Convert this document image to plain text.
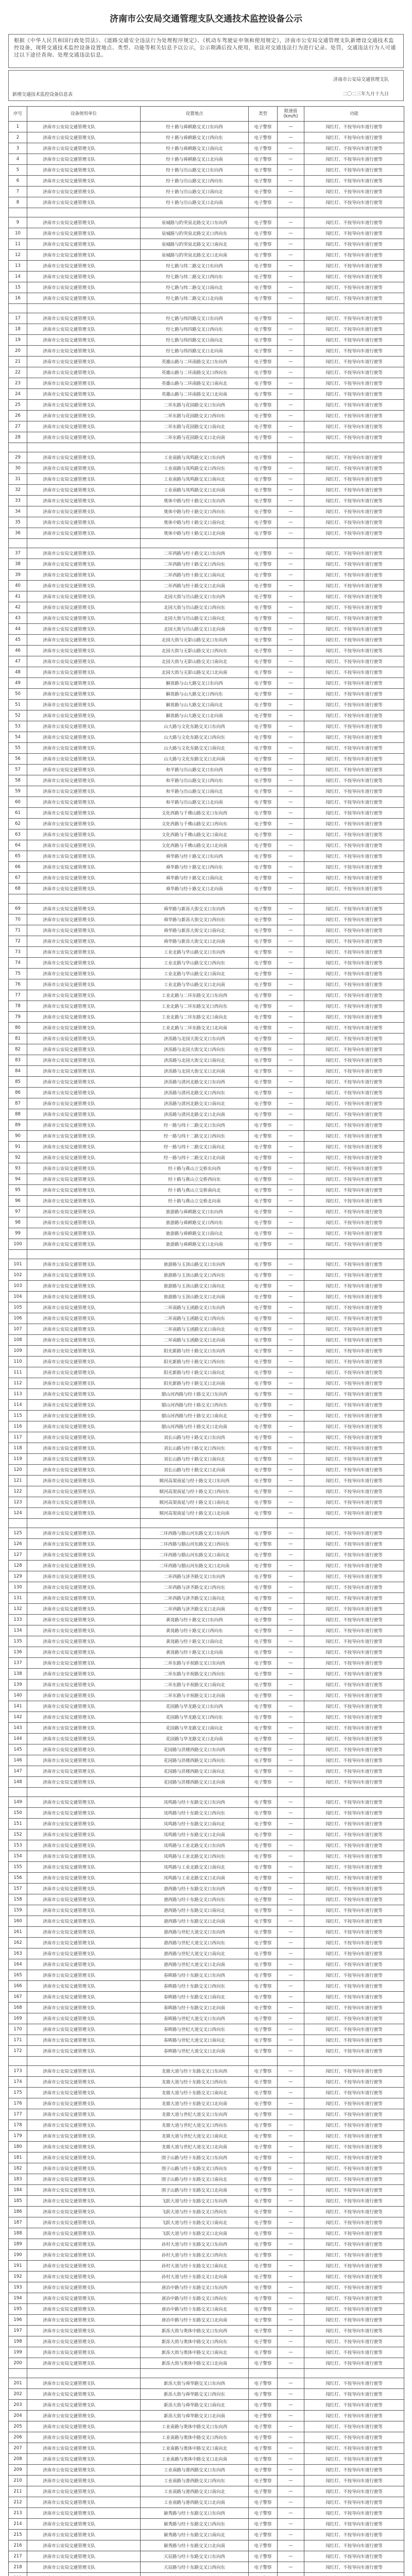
济南市公安局交通管理支队交通技术监控设备公示
根据《中华人民共和国行政处罚法》、《道路交通安全违法行为处理程序规定》、《机动车驾驶证申领和使用规定》，济南市公安局交通管理支队新增设交通技术监控设备，现将交通技术监控设备设置地点、类型、功能等相关信息予以公示，公示期满后投入使用，依法对交通违法行为进行记录、处罚，交通违法行为人可通过以下途径查询、处理交通违法信息。
济南市公安局交通管理支队
二〇二三年九月十九日
新增交通技术监控设备信息表
序号	设备使用单位	设置地点	类型	限速值(km/h)	功能
1	济南市公安局交通管理支队	经十路与舜耕路交叉口东向西	电子警察	—	闯红灯、不按导向车道行驶等
2	济南市公安局交通管理支队	经十路与舜耕路交叉口西向东	电子警察	—	闯红灯、不按导向车道行驶等
3	济南市公安局交通管理支队	经十路与舜耕路交叉口南向北	电子警察	—	闯红灯、不按导向车道行驶等
4	济南市公安局交通管理支队	经十路与舜耕路交叉口北向南	电子警察	—	闯红灯、不按导向车道行驶等
5	济南市公安局交通管理支队	经十路与历山路交叉口东向西	电子警察	—	闯红灯、不按导向车道行驶等
6	济南市公安局交通管理支队	经十路与历山路交叉口西向东	电子警察	—	闯红灯、不按导向车道行驶等
7	济南市公安局交通管理支队	经十路与历山路交叉口南向北	电子警察	—	闯红灯、不按导向车道行驶等
8	济南市公安局交通管理支队	经十路与历山路交叉口北向南	电子警察	—	闯红灯、不按导向车道行驶等

9	济南市公安局交通管理支队	泉城路与趵突泉北路交叉口东向西	电子警察	—	闯红灯、不按导向车道行驶等
10	济南市公安局交通管理支队	泉城路与趵突泉北路交叉口西向东	电子警察	—	闯红灯、不按导向车道行驶等
11	济南市公安局交通管理支队	泉城路与趵突泉北路交叉口南向北	电子警察	—	闯红灯、不按导向车道行驶等
12	济南市公安局交通管理支队	泉城路与趵突泉北路交叉口北向南	电子警察	—	闯红灯、不按导向车道行驶等
13	济南市公安局交通管理支队	经七路与纬二路交叉口东向西	电子警察	—	闯红灯、不按导向车道行驶等
14	济南市公安局交通管理支队	经七路与纬二路交叉口西向东	电子警察	—	闯红灯、不按导向车道行驶等
15	济南市公安局交通管理支队	经七路与纬二路交叉口南向北	电子警察	—	闯红灯、不按导向车道行驶等
16	济南市公安局交通管理支队	经七路与纬二路交叉口北向南	电子警察	—	闯红灯、不按导向车道行驶等

17	济南市公安局交通管理支队	经七路与纬四路交叉口东向西	电子警察	—	闯红灯、不按导向车道行驶等
18	济南市公安局交通管理支队	经七路与纬四路交叉口西向东	电子警察	—	闯红灯、不按导向车道行驶等
19	济南市公安局交通管理支队	经七路与纬四路交叉口南向北	电子警察	—	闯红灯、不按导向车道行驶等
20	济南市公安局交通管理支队	经七路与纬四路交叉口北向南	电子警察	—	闯红灯、不按导向车道行驶等
21	济南市公安局交通管理支队	英雄山路与二环南路交叉口东向西	电子警察	—	闯红灯、不按导向车道行驶等
22	济南市公安局交通管理支队	英雄山路与二环南路交叉口西向东	电子警察	—	闯红灯、不按导向车道行驶等
23	济南市公安局交通管理支队	英雄山路与二环南路交叉口南向北	电子警察	—	闯红灯、不按导向车道行驶等
24	济南市公安局交通管理支队	英雄山路与二环南路交叉口北向南	电子警察	—	闯红灯、不按导向车道行驶等
25	济南市公安局交通管理支队	二环东路与花园路交叉口东向西	电子警察	—	闯红灯、不按导向车道行驶等
26	济南市公安局交通管理支队	二环东路与花园路交叉口西向东	电子警察	—	闯红灯、不按导向车道行驶等
27	济南市公安局交通管理支队	二环东路与花园路交叉口南向北	电子警察	—	闯红灯、不按导向车道行驶等
28	济南市公安局交通管理支队	二环东路与花园路交叉口北向南	电子警察	—	闯红灯、不按导向车道行驶等

29	济南市公安局交通管理支队	工业南路与凤鸣路交叉口东向西	电子警察	—	闯红灯、不按导向车道行驶等
30	济南市公安局交通管理支队	工业南路与凤鸣路交叉口西向东	电子警察	—	闯红灯、不按导向车道行驶等
31	济南市公安局交通管理支队	工业南路与凤鸣路交叉口南向北	电子警察	—	闯红灯、不按导向车道行驶等
32	济南市公安局交通管理支队	工业南路与凤鸣路交叉口北向南	电子警察	—	闯红灯、不按导向车道行驶等
33	济南市公安局交通管理支队	奥体中路与经十路交叉口东向西	电子警察	—	闯红灯、不按导向车道行驶等
34	济南市公安局交通管理支队	奥体中路与经十路交叉口西向东	电子警察	—	闯红灯、不按导向车道行驶等
35	济南市公安局交通管理支队	奥体中路与经十路交叉口南向北	电子警察	—	闯红灯、不按导向车道行驶等
36	济南市公安局交通管理支队	奥体中路与经十路交叉口北向南	电子警察	—	闯红灯、不按导向车道行驶等

37	济南市公安局交通管理支队	二环西路与经十路交叉口东向西	电子警察	—	闯红灯、不按导向车道行驶等
38	济南市公安局交通管理支队	二环西路与经十路交叉口西向东	电子警察	—	闯红灯、不按导向车道行驶等
39	济南市公安局交通管理支队	二环西路与经十路交叉口南向北	电子警察	—	闯红灯、不按导向车道行驶等
40	济南市公安局交通管理支队	二环西路与经十路交叉口北向南	电子警察	—	闯红灯、不按导向车道行驶等
41	济南市公安局交通管理支队	北园大街与历山路交叉口东向西	电子警察	—	闯红灯、不按导向车道行驶等
42	济南市公安局交通管理支队	北园大街与历山路交叉口西向东	电子警察	—	闯红灯、不按导向车道行驶等
43	济南市公安局交通管理支队	北园大街与历山路交叉口南向北	电子警察	—	闯红灯、不按导向车道行驶等
44	济南市公安局交通管理支队	北园大街与历山路交叉口北向南	电子警察	—	闯红灯、不按导向车道行驶等
45	济南市公安局交通管理支队	北园大街与无影山路交叉口东向西	电子警察	—	闯红灯、不按导向车道行驶等
46	济南市公安局交通管理支队	北园大街与无影山路交叉口西向东	电子警察	—	闯红灯、不按导向车道行驶等
47	济南市公安局交通管理支队	北园大街与无影山路交叉口南向北	电子警察	—	闯红灯、不按导向车道行驶等
48	济南市公安局交通管理支队	北园大街与无影山路交叉口北向南	电子警察	—	闯红灯、不按导向车道行驶等
49	济南市公安局交通管理支队	解放路与山大路交叉口东向西	电子警察	—	闯红灯、不按导向车道行驶等
50	济南市公安局交通管理支队	解放路与山大路交叉口西向东	电子警察	—	闯红灯、不按导向车道行驶等
51	济南市公安局交通管理支队	解放路与山大路交叉口南向北	电子警察	—	闯红灯、不按导向车道行驶等
52	济南市公安局交通管理支队	解放路与山大路交叉口北向南	电子警察	—	闯红灯、不按导向车道行驶等
53	济南市公安局交通管理支队	山大路与文化东路交叉口东向西	电子警察	—	闯红灯、不按导向车道行驶等
54	济南市公安局交通管理支队	山大路与文化东路交叉口西向东	电子警察	—	闯红灯、不按导向车道行驶等
55	济南市公安局交通管理支队	山大路与文化东路交叉口南向北	电子警察	—	闯红灯、不按导向车道行驶等
56	济南市公安局交通管理支队	山大路与文化东路交叉口北向南	电子警察	—	闯红灯、不按导向车道行驶等
57	济南市公安局交通管理支队	和平路与历山路交叉口东向西	电子警察	—	闯红灯、不按导向车道行驶等
58	济南市公安局交通管理支队	和平路与历山路交叉口西向东	电子警察	—	闯红灯、不按导向车道行驶等
59	济南市公安局交通管理支队	和平路与历山路交叉口南向北	电子警察	—	闯红灯、不按导向车道行驶等
60	济南市公安局交通管理支队	和平路与历山路交叉口北向南	电子警察	—	闯红灯、不按导向车道行驶等
61	济南市公安局交通管理支队	文化西路与千佛山路交叉口东向西	电子警察	—	闯红灯、不按导向车道行驶等
62	济南市公安局交通管理支队	文化西路与千佛山路交叉口西向东	电子警察	—	闯红灯、不按导向车道行驶等
63	济南市公安局交通管理支队	文化西路与千佛山路交叉口南向北	电子警察	—	闯红灯、不按导向车道行驶等
64	济南市公安局交通管理支队	文化西路与千佛山路交叉口北向南	电子警察	—	闯红灯、不按导向车道行驶等
65	济南市公安局交通管理支队	舜华路与经十路交叉口东向西	电子警察	—	闯红灯、不按导向车道行驶等
66	济南市公安局交通管理支队	舜华路与经十路交叉口西向东	电子警察	—	闯红灯、不按导向车道行驶等
67	济南市公安局交通管理支队	舜华路与经十路交叉口南向北	电子警察	—	闯红灯、不按导向车道行驶等
68	济南市公安局交通管理支队	舜华路与经十路交叉口北向南	电子警察	—	闯红灯、不按导向车道行驶等

69	济南市公安局交通管理支队	舜华路与新泺大街交叉口东向西	电子警察	—	闯红灯、不按导向车道行驶等
70	济南市公安局交通管理支队	舜华路与新泺大街交叉口西向东	电子警察	—	闯红灯、不按导向车道行驶等
71	济南市公安局交通管理支队	舜华路与新泺大街交叉口南向北	电子警察	—	闯红灯、不按导向车道行驶等
72	济南市公安局交通管理支队	舜华路与新泺大街交叉口北向南	电子警察	—	闯红灯、不按导向车道行驶等
73	济南市公安局交通管理支队	工业北路与华山路交叉口东向西	电子警察	—	闯红灯、不按导向车道行驶等
74	济南市公安局交通管理支队	工业北路与华山路交叉口西向东	电子警察	—	闯红灯、不按导向车道行驶等
75	济南市公安局交通管理支队	工业北路与华山路交叉口南向北	电子警察	—	闯红灯、不按导向车道行驶等
76	济南市公安局交通管理支队	工业北路与华山路交叉口北向南	电子警察	—	闯红灯、不按导向车道行驶等
77	济南市公安局交通管理支队	工业北路与二环东路交叉口东向西	电子警察	—	闯红灯、不按导向车道行驶等
78	济南市公安局交通管理支队	工业北路与二环东路交叉口西向东	电子警察	—	闯红灯、不按导向车道行驶等
79	济南市公安局交通管理支队	工业北路与二环东路交叉口南向北	电子警察	—	闯红灯、不按导向车道行驶等
80	济南市公安局交通管理支队	工业北路与二环东路交叉口北向南	电子警察	—	闯红灯、不按导向车道行驶等
81	济南市公安局交通管理支队	济泺路与北园大街交叉口东向西	电子警察	—	闯红灯、不按导向车道行驶等
82	济南市公安局交通管理支队	济泺路与北园大街交叉口西向东	电子警察	—	闯红灯、不按导向车道行驶等
83	济南市公安局交通管理支队	济泺路与北园大街交叉口南向北	电子警察	—	闯红灯、不按导向车道行驶等
84	济南市公安局交通管理支队	济泺路与北园大街交叉口北向南	电子警察	—	闯红灯、不按导向车道行驶等
85	济南市公安局交通管理支队	济泺路与清河北路交叉口东向西	电子警察	—	闯红灯、不按导向车道行驶等
86	济南市公安局交通管理支队	济泺路与清河北路交叉口西向东	电子警察	—	闯红灯、不按导向车道行驶等
87	济南市公安局交通管理支队	济泺路与清河北路交叉口南向北	电子警察	—	闯红灯、不按导向车道行驶等
88	济南市公安局交通管理支队	济泺路与清河北路交叉口北向南	电子警察	—	闯红灯、不按导向车道行驶等
89	济南市公安局交通管理支队	经一路与纬十二路交叉口东向西	电子警察	—	闯红灯、不按导向车道行驶等
90	济南市公安局交通管理支队	经一路与纬十二路交叉口西向东	电子警察	—	闯红灯、不按导向车道行驶等
91	济南市公安局交通管理支队	经一路与纬十二路交叉口南向北	电子警察	—	闯红灯、不按导向车道行驶等
92	济南市公安局交通管理支队	经一路与纬十二路交叉口北向南	电子警察	—	闯红灯、不按导向车道行驶等
93	济南市公安局交通管理支队	经十路与燕山立交桥东向西	电子警察	—	闯红灯、不按导向车道行驶等
94	济南市公安局交通管理支队	经十路与燕山立交桥西向东	电子警察	—	闯红灯、不按导向车道行驶等
95	济南市公安局交通管理支队	经十路与燕山立交桥南向北	电子警察	—	闯红灯、不按导向车道行驶等
96	济南市公安局交通管理支队	经十路与燕山立交桥北向南	电子警察	—	闯红灯、不按导向车道行驶等
97	济南市公安局交通管理支队	旅游路与舜耕路交叉口东向西	电子警察	—	闯红灯、不按导向车道行驶等
98	济南市公安局交通管理支队	旅游路与舜耕路交叉口西向东	电子警察	—	闯红灯、不按导向车道行驶等
99	济南市公安局交通管理支队	旅游路与舜耕路交叉口南向北	电子警察	—	闯红灯、不按导向车道行驶等
100	济南市公安局交通管理支队	旅游路与舜耕路交叉口北向南	电子警察	—	闯红灯、不按导向车道行驶等

101	济南市公安局交通管理支队	旅游路与玉顶山路交叉口东向西	电子警察	—	闯红灯、不按导向车道行驶等
102	济南市公安局交通管理支队	旅游路与玉顶山路交叉口西向东	电子警察	—	闯红灯、不按导向车道行驶等
103	济南市公安局交通管理支队	旅游路与玉顶山路交叉口南向北	电子警察	—	闯红灯、不按导向车道行驶等
104	济南市公安局交通管理支队	旅游路与玉顶山路交叉口北向南	电子警察	—	闯红灯、不按导向车道行驶等
105	济南市公安局交通管理支队	二环南路与玉函路交叉口东向西	电子警察	—	闯红灯、不按导向车道行驶等
106	济南市公安局交通管理支队	二环南路与玉函路交叉口西向东	电子警察	—	闯红灯、不按导向车道行驶等
107	济南市公安局交通管理支队	二环南路与玉函路交叉口南向北	电子警察	—	闯红灯、不按导向车道行驶等
108	济南市公安局交通管理支队	二环南路与玉函路交叉口北向南	电子警察	—	闯红灯、不按导向车道行驶等
109	济南市公安局交通管理支队	阳光新路与经十路交叉口东向西	电子警察	—	闯红灯、不按导向车道行驶等
110	济南市公安局交通管理支队	阳光新路与经十路交叉口西向东	电子警察	—	闯红灯、不按导向车道行驶等
111	济南市公安局交通管理支队	阳光新路与经十路交叉口南向北	电子警察	—	闯红灯、不按导向车道行驶等
112	济南市公安局交通管理支队	阳光新路与经十路交叉口北向南	电子警察	—	闯红灯、不按导向车道行驶等
113	济南市公安局交通管理支队	腊山河西路与经十路交叉口东向西	电子警察	—	闯红灯、不按导向车道行驶等
114	济南市公安局交通管理支队	腊山河西路与经十路交叉口西向东	电子警察	—	闯红灯、不按导向车道行驶等
115	济南市公安局交通管理支队	腊山河西路与经十路交叉口南向北	电子警察	—	闯红灯、不按导向车道行驶等
116	济南市公安局交通管理支队	腊山河西路与经十路交叉口北向南	电子警察	—	闯红灯、不按导向车道行驶等
117	济南市公安局交通管理支队	刘长山路与经十路交叉口东向西	电子警察	—	闯红灯、不按导向车道行驶等
118	济南市公安局交通管理支队	刘长山路与经十路交叉口西向东	电子警察	—	闯红灯、不按导向车道行驶等
119	济南市公安局交通管理支队	刘长山路与经十路交叉口南向北	电子警察	—	闯红灯、不按导向车道行驶等
120	济南市公安局交通管理支队	刘长山路与经十路交叉口北向南	电子警察	—	闯红灯、不按导向车道行驶等
121	济南市公安局交通管理支队	顺河高架南延与经十路交叉口东向西	电子警察	—	闯红灯、不按导向车道行驶等
122	济南市公安局交通管理支队	顺河高架南延与经十路交叉口西向东	电子警察	—	闯红灯、不按导向车道行驶等
123	济南市公安局交通管理支队	顺河高架南延与经十路交叉口南向北	电子警察	—	闯红灯、不按导向车道行驶等
124	济南市公安局交通管理支队	顺河高架南延与经十路交叉口北向南	电子警察	—	闯红灯、不按导向车道行驶等

125	济南市公安局交通管理支队	二环西路与腊山河东路交叉口东向西	电子警察	—	闯红灯、不按导向车道行驶等
126	济南市公安局交通管理支队	二环西路与腊山河东路交叉口西向东	电子警察	—	闯红灯、不按导向车道行驶等
127	济南市公安局交通管理支队	二环西路与腊山河东路交叉口南向北	电子警察	—	闯红灯、不按导向车道行驶等
128	济南市公安局交通管理支队	二环西路与腊山河东路交叉口北向南	电子警察	—	闯红灯、不按导向车道行驶等
129	济南市公安局交通管理支队	二环西路与济齐路交叉口东向西	电子警察	—	闯红灯、不按导向车道行驶等
130	济南市公安局交通管理支队	二环西路与济齐路交叉口西向东	电子警察	—	闯红灯、不按导向车道行驶等
131	济南市公安局交通管理支队	二环西路与济齐路交叉口南向北	电子警察	—	闯红灯、不按导向车道行驶等
132	济南市公安局交通管理支队	二环西路与济齐路交叉口北向南	电子警察	—	闯红灯、不按导向车道行驶等
133	济南市公安局交通管理支队	黄岗路与经十路交叉口东向西	电子警察	—	闯红灯、不按导向车道行驶等
134	济南市公安局交通管理支队	黄岗路与经十路交叉口西向东	电子警察	—	闯红灯、不按导向车道行驶等
135	济南市公安局交通管理支队	黄岗路与经十路交叉口南向北	电子警察	—	闯红灯、不按导向车道行驶等
136	济南市公安局交通管理支队	黄岗路与经十路交叉口北向南	电子警察	—	闯红灯、不按导向车道行驶等
137	济南市公安局交通管理支队	二环东路与辛祝路交叉口东向西	电子警察	—	闯红灯、不按导向车道行驶等
138	济南市公安局交通管理支队	二环东路与辛祝路交叉口西向东	电子警察	—	闯红灯、不按导向车道行驶等
139	济南市公安局交通管理支队	二环东路与辛祝路交叉口南向北	电子警察	—	闯红灯、不按导向车道行驶等
140	济南市公安局交通管理支队	二环东路与辛祝路交叉口北向南	电子警察	—	闯红灯、不按导向车道行驶等
141	济南市公安局交通管理支队	花园路与华龙路交叉口东向西	电子警察	—	闯红灯、不按导向车道行驶等
142	济南市公安局交通管理支队	花园路与华龙路交叉口西向东	电子警察	—	闯红灯、不按导向车道行驶等
143	济南市公安局交通管理支队	花园路与华龙路交叉口南向北	电子警察	—	闯红灯、不按导向车道行驶等
144	济南市公安局交通管理支队	花园路与华龙路交叉口北向南	电子警察	—	闯红灯、不按导向车道行驶等
145	济南市公安局交通管理支队	花园路与洪楼西路交叉口东向西	电子警察	—	闯红灯、不按导向车道行驶等
146	济南市公安局交通管理支队	花园路与洪楼西路交叉口西向东	电子警察	—	闯红灯、不按导向车道行驶等
147	济南市公安局交通管理支队	花园路与洪楼西路交叉口南向北	电子警察	—	闯红灯、不按导向车道行驶等
148	济南市公安局交通管理支队	花园路与洪楼西路交叉口北向南	电子警察	—	闯红灯、不按导向车道行驶等

149	济南市公安局交通管理支队	凤鸣路与经十东路交叉口东向西	电子警察	—	闯红灯、不按导向车道行驶等
150	济南市公安局交通管理支队	凤鸣路与经十东路交叉口西向东	电子警察	—	闯红灯、不按导向车道行驶等
151	济南市公安局交通管理支队	凤鸣路与经十东路交叉口南向北	电子警察	—	闯红灯、不按导向车道行驶等
152	济南市公安局交通管理支队	凤鸣路与经十东路交叉口北向南	电子警察	—	闯红灯、不按导向车道行驶等
153	济南市公安局交通管理支队	凤鸣路与工业北路交叉口东向西	电子警察	—	闯红灯、不按导向车道行驶等
154	济南市公安局交通管理支队	凤鸣路与工业北路交叉口西向东	电子警察	—	闯红灯、不按导向车道行驶等
155	济南市公安局交通管理支队	凤鸣路与工业北路交叉口南向北	电子警察	—	闯红灯、不按导向车道行驶等
156	济南市公安局交通管理支队	凤鸣路与工业北路交叉口北向南	电子警察	—	闯红灯、不按导向车道行驶等
157	济南市公安局交通管理支队	港西路与经十东路交叉口东向西	电子警察	—	闯红灯、不按导向车道行驶等
158	济南市公安局交通管理支队	港西路与经十东路交叉口西向东	电子警察	—	闯红灯、不按导向车道行驶等
159	济南市公安局交通管理支队	港西路与经十东路交叉口南向北	电子警察	—	闯红灯、不按导向车道行驶等
160	济南市公安局交通管理支队	港西路与经十东路交叉口北向南	电子警察	—	闯红灯、不按导向车道行驶等
161	济南市公安局交通管理支队	港西路与世纪大道交叉口东向西	电子警察	—	闯红灯、不按导向车道行驶等
162	济南市公安局交通管理支队	港西路与世纪大道交叉口西向东	电子警察	—	闯红灯、不按导向车道行驶等
163	济南市公安局交通管理支队	港西路与世纪大道交叉口南向北	电子警察	—	闯红灯、不按导向车道行驶等
164	济南市公安局交通管理支队	港西路与世纪大道交叉口北向南	电子警察	—	闯红灯、不按导向车道行驶等
165	济南市公安局交通管理支队	春晖路与经十东路交叉口东向西	电子警察	—	闯红灯、不按导向车道行驶等
166	济南市公安局交通管理支队	春晖路与经十东路交叉口西向东	电子警察	—	闯红灯、不按导向车道行驶等
167	济南市公安局交通管理支队	春晖路与经十东路交叉口南向北	电子警察	—	闯红灯、不按导向车道行驶等
168	济南市公安局交通管理支队	春晖路与经十东路交叉口北向南	电子警察	—	闯红灯、不按导向车道行驶等
169	济南市公安局交通管理支队	春晖路与世纪大道交叉口东向西	电子警察	—	闯红灯、不按导向车道行驶等
170	济南市公安局交通管理支队	春晖路与世纪大道交叉口西向东	电子警察	—	闯红灯、不按导向车道行驶等
171	济南市公安局交通管理支队	春晖路与世纪大道交叉口南向北	电子警察	—	闯红灯、不按导向车道行驶等
172	济南市公安局交通管理支队	春晖路与世纪大道交叉口北向南	电子警察	—	闯红灯、不按导向车道行驶等

173	济南市公安局交通管理支队	龙鼎大道与经十东路交叉口东向西	电子警察	—	闯红灯、不按导向车道行驶等
174	济南市公安局交通管理支队	龙鼎大道与经十东路交叉口西向东	电子警察	—	闯红灯、不按导向车道行驶等
175	济南市公安局交通管理支队	龙鼎大道与经十东路交叉口南向北	电子警察	—	闯红灯、不按导向车道行驶等
176	济南市公安局交通管理支队	龙鼎大道与经十东路交叉口北向南	电子警察	—	闯红灯、不按导向车道行驶等
177	济南市公安局交通管理支队	龙鼎大道与世纪大道交叉口东向西	电子警察	—	闯红灯、不按导向车道行驶等
178	济南市公安局交通管理支队	龙鼎大道与世纪大道交叉口西向东	电子警察	—	闯红灯、不按导向车道行驶等
179	济南市公安局交通管理支队	龙鼎大道与世纪大道交叉口南向北	电子警察	—	闯红灯、不按导向车道行驶等
180	济南市公安局交通管理支队	龙鼎大道与世纪大道交叉口北向南	电子警察	—	闯红灯、不按导向车道行驶等
181	济南市公安局交通管理支队	围子山路与经十东路交叉口东向西	电子警察	—	闯红灯、不按导向车道行驶等
182	济南市公安局交通管理支队	围子山路与经十东路交叉口西向东	电子警察	—	闯红灯、不按导向车道行驶等
183	济南市公安局交通管理支队	围子山路与经十东路交叉口南向北	电子警察	—	闯红灯、不按导向车道行驶等
184	济南市公安局交通管理支队	围子山路与经十东路交叉口北向南	电子警察	—	闯红灯、不按导向车道行驶等
185	济南市公安局交通管理支队	飞跃大道与经十东路交叉口东向西	电子警察	—	闯红灯、不按导向车道行驶等
186	济南市公安局交通管理支队	飞跃大道与经十东路交叉口西向东	电子警察	—	闯红灯、不按导向车道行驶等
187	济南市公安局交通管理支队	飞跃大道与经十东路交叉口南向北	电子警察	—	闯红灯、不按导向车道行驶等
188	济南市公安局交通管理支队	飞跃大道与经十东路交叉口北向南	电子警察	—	闯红灯、不按导向车道行驶等
189	济南市公安局交通管理支队	孙村大道与经十东路交叉口东向西	电子警察	—	闯红灯、不按导向车道行驶等
190	济南市公安局交通管理支队	孙村大道与经十东路交叉口西向东	电子警察	—	闯红灯、不按导向车道行驶等
191	济南市公安局交通管理支队	孙村大道与经十东路交叉口南向北	电子警察	—	闯红灯、不按导向车道行驶等
192	济南市公安局交通管理支队	孙村大道与经十东路交叉口北向南	电子警察	—	闯红灯、不按导向车道行驶等
193	济南市公安局交通管理支队	唐冶中路与经十东路交叉口东向西	电子警察	—	闯红灯、不按导向车道行驶等
194	济南市公安局交通管理支队	唐冶中路与经十东路交叉口西向东	电子警察	—	闯红灯、不按导向车道行驶等
195	济南市公安局交通管理支队	唐冶中路与经十东路交叉口南向北	电子警察	—	闯红灯、不按导向车道行驶等
196	济南市公安局交通管理支队	唐冶中路与经十东路交叉口北向南	电子警察	—	闯红灯、不按导向车道行驶等
197	济南市公安局交通管理支队	新泺大街与奥体中路交叉口东向西	电子警察	—	闯红灯、不按导向车道行驶等
198	济南市公安局交通管理支队	新泺大街与奥体中路交叉口西向东	电子警察	—	闯红灯、不按导向车道行驶等
199	济南市公安局交通管理支队	新泺大街与奥体中路交叉口南向北	电子警察	—	闯红灯、不按导向车道行驶等
200	济南市公安局交通管理支队	新泺大街与奥体中路交叉口北向南	电子警察	—	闯红灯、不按导向车道行驶等

201	济南市公安局交通管理支队	新泺大街与舜华路交叉口东向西	电子警察	—	闯红灯、不按导向车道行驶等
202	济南市公安局交通管理支队	新泺大街与舜华路交叉口西向东	电子警察	—	闯红灯、不按导向车道行驶等
203	济南市公安局交通管理支队	新泺大街与舜华路交叉口南向北	电子警察	—	闯红灯、不按导向车道行驶等
204	济南市公安局交通管理支队	新泺大街与舜华路交叉口北向南	电子警察	—	闯红灯、不按导向车道行驶等
205	济南市公安局交通管理支队	工业南路与奥体中路交叉口东向西	电子警察	—	闯红灯、不按导向车道行驶等
206	济南市公安局交通管理支队	工业南路与奥体中路交叉口西向东	电子警察	—	闯红灯、不按导向车道行驶等
207	济南市公安局交通管理支队	工业南路与奥体中路交叉口南向北	电子警察	—	闯红灯、不按导向车道行驶等
208	济南市公安局交通管理支队	工业南路与奥体中路交叉口北向南	电子警察	—	闯红灯、不按导向车道行驶等
209	济南市公安局交通管理支队	工业南路与港西路交叉口东向西	电子警察	—	闯红灯、不按导向车道行驶等
210	济南市公安局交通管理支队	工业南路与港西路交叉口西向东	电子警察	—	闯红灯、不按导向车道行驶等
211	济南市公安局交通管理支队	工业南路与港西路交叉口南向北	电子警察	—	闯红灯、不按导向车道行驶等
212	济南市公安局交通管理支队	工业南路与港西路交叉口北向南	电子警察	—	闯红灯、不按导向车道行驶等
213	济南市公安局交通管理支队	颖秀路与经十东路交叉口东向西	电子警察	—	闯红灯、不按导向车道行驶等
214	济南市公安局交通管理支队	颖秀路与经十东路交叉口西向东	电子警察	—	闯红灯、不按导向车道行驶等
215	济南市公安局交通管理支队	颖秀路与经十东路交叉口南向北	电子警察	—	闯红灯、不按导向车道行驶等
216	济南市公安局交通管理支队	颖秀路与经十东路交叉口北向南	电子警察	—	闯红灯、不按导向车道行驶等
217	济南市公安局交通管理支队	天辰路与经十东路交叉口东向西	电子警察	—	闯红灯、不按导向车道行驶等
218	济南市公安局交通管理支队	天辰路与经十东路交叉口西向东	电子警察	—	闯红灯、不按导向车道行驶等
